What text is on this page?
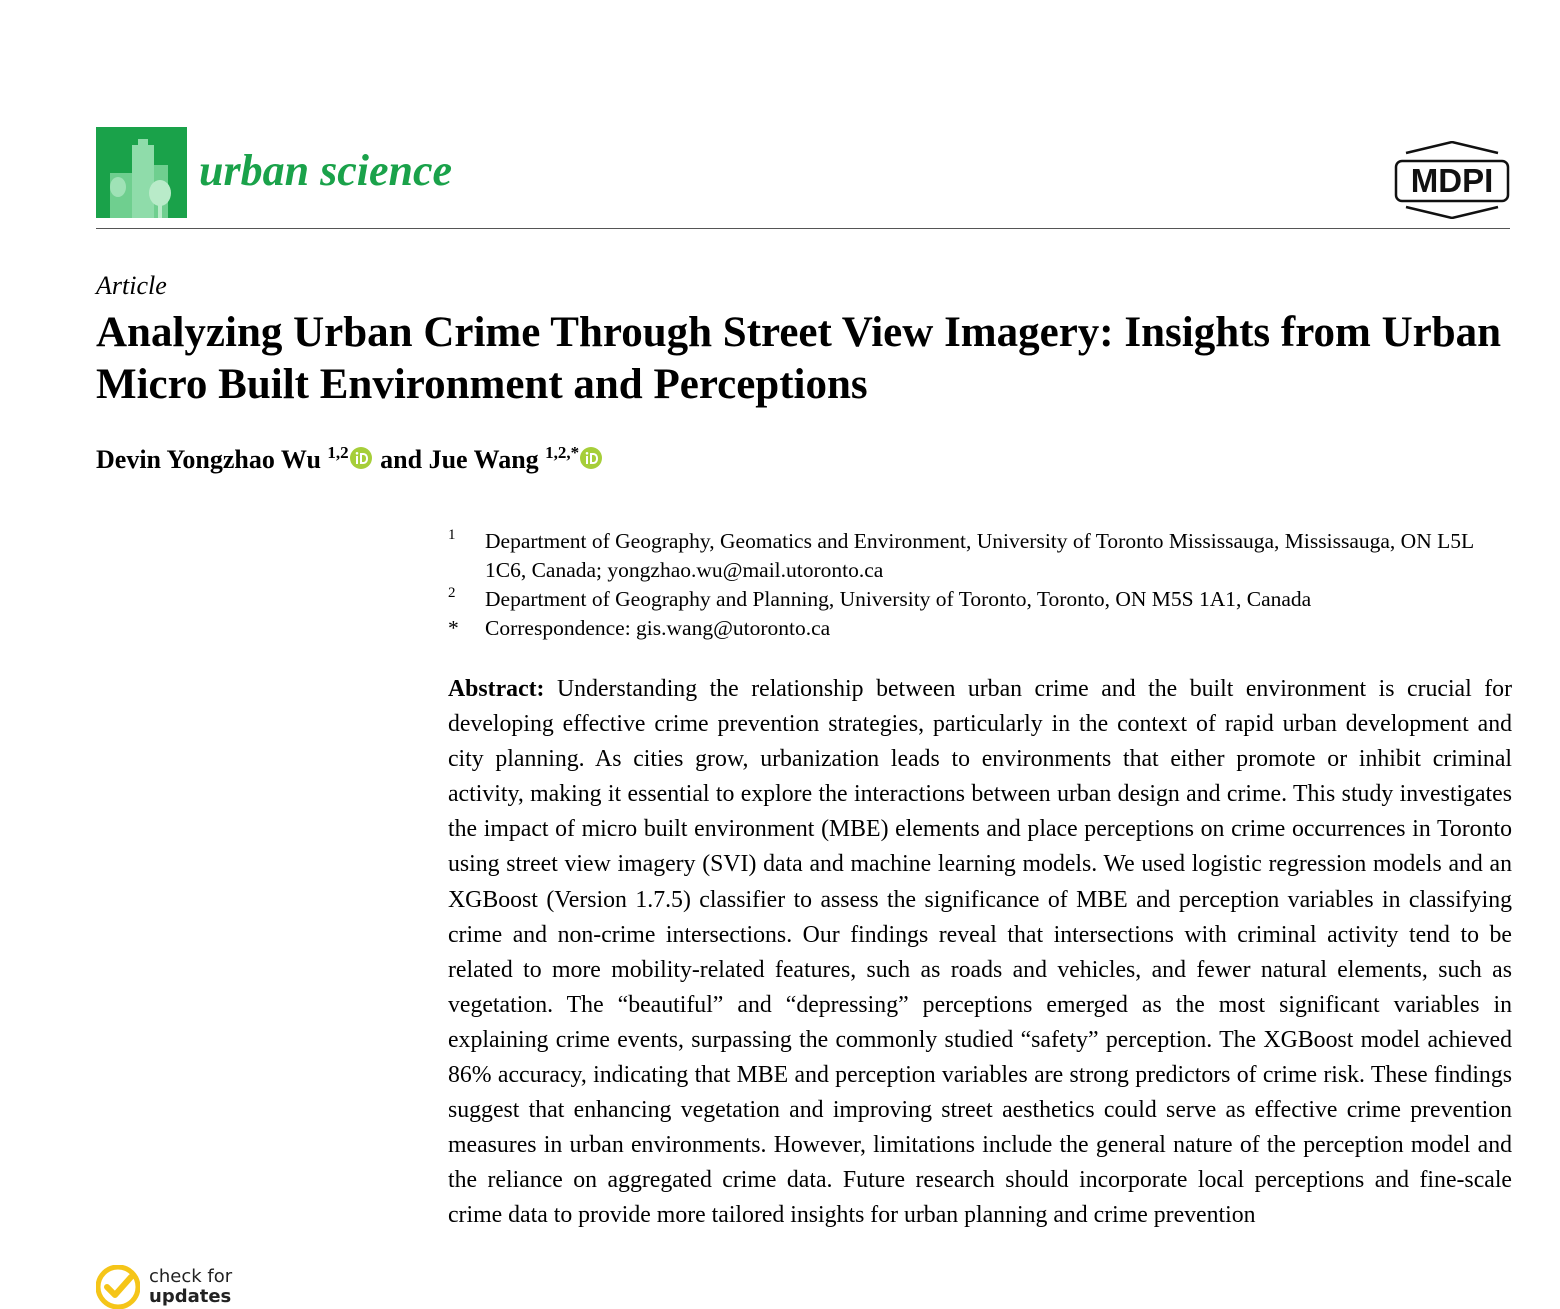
urban science	MDPI
Article
Analyzing Urban Crime Through Street View Imagery: Insights from Urban Micro Built Environment and Perceptions
Devin Yongzhao Wu $^{1,2}$ and Jue Wang $^{1,2,*}$
1 Department of Geography, Geomatics and Environment, University of Toronto Mississauga, Mississauga, ON L5L 1C6, Canada; yongzhao.wu@mail.utoronto.ca
2 Department of Geography and Planning, University of Toronto, Toronto, ON M5S 1A1, Canada
* Correspondence: gis.wang@utoronto.ca

Abstract: Understanding the relationship between urban crime and the built environment is crucial for developing effective crime prevention strategies, particularly in the context of rapid urban development and city planning. As cities grow, urbanization leads to environments that either promote or inhibit criminal activity, making it essential to explore the interactions between urban design and crime. This study investigates the impact of micro built environment (MBE) elements and place perceptions on crime occurrences in Toronto using street view imagery (SVI) data and machine learning models. We used logistic regression models and an XGBoost (Version 1.7.5) classifier to assess the significance of MBE and perception variables in classifying crime and non-crime intersections. Our findings reveal that intersections with criminal activity tend to be related to more mobility-related features, such as roads and vehicles, and fewer natural elements, such as vegetation. The “beautiful” and “depressing” perceptions emerged as the most significant variables in explaining crime events, surpassing the commonly studied “safety” perception. The XGBoost model achieved 86% accuracy, indicating that MBE and perception variables are strong predictors of crime risk. These findings suggest that enhancing vegetation and improving street aesthetics could serve as effective crime prevention measures in urban environments. However, limitations include the general nature of the perception model and the reliance on aggregated crime data. Future research should incorporate local perceptions and fine-scale crime data to provide more tailored insights for urban planning and crime prevention

check for
updates
